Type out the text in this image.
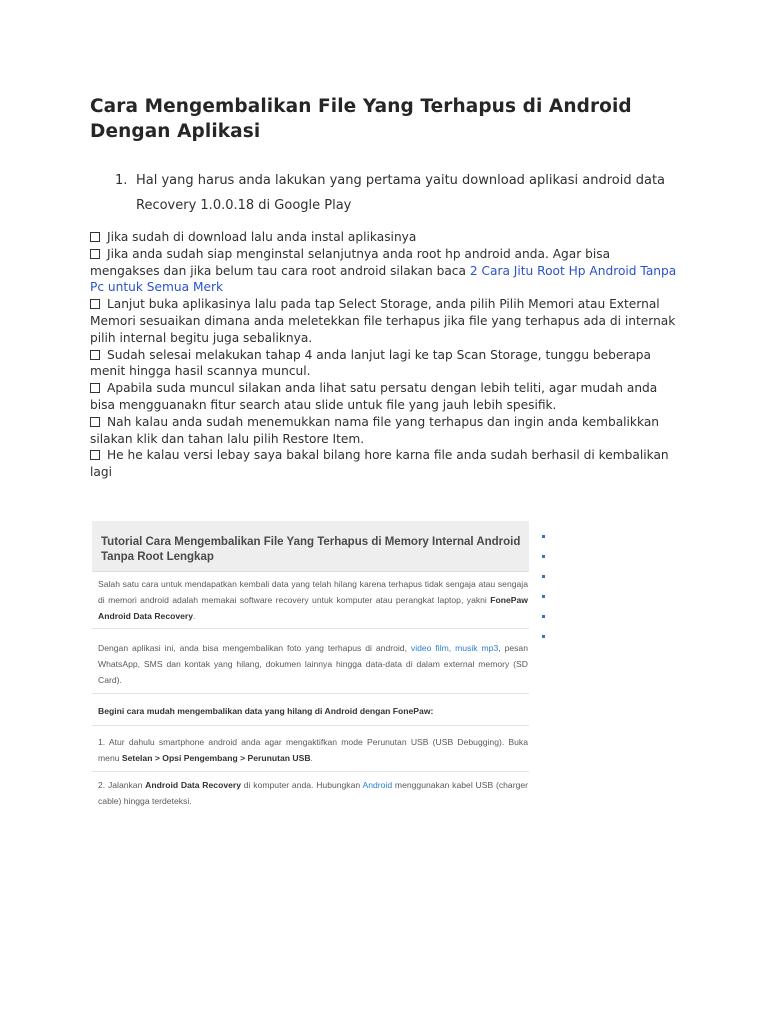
Cara Mengembalikan File Yang Terhapus di Android Dengan Aplikasi
1. Hal yang harus anda lakukan yang pertama yaitu download aplikasi android data Recovery 1.0.0.18 di Google Play
Jika sudah di download lalu anda instal aplikasinya
Jika anda sudah siap menginstal selanjutnya anda root hp android anda. Agar bisa mengakses dan jika belum tau cara root android silakan baca 2 Cara Jitu Root Hp Android Tanpa Pc untuk Semua Merk
Lanjut buka aplikasinya lalu pada tap Select Storage, anda pilih Pilih Memori atau External Memori sesuaikan dimana anda meletekkan file terhapus jika file yang terhapus ada di internak pilih internal begitu juga sebaliknya.
Sudah selesai melakukan tahap 4 anda lanjut lagi ke tap Scan Storage, tunggu beberapa menit hingga hasil scannya muncul.
Apabila suda muncul silakan anda lihat satu persatu dengan lebih teliti, agar mudah anda bisa mengguanakn fitur search atau slide untuk file yang jauh lebih spesifik.
Nah kalau anda sudah menemukkan nama file yang terhapus dan ingin anda kembalikkan silakan klik dan tahan lalu pilih Restore Item.
He he kalau versi lebay saya bakal bilang hore karna file anda sudah berhasil di kembalikan lagi
Tutorial Cara Mengembalikan File Yang Terhapus di Memory Internal Android Tanpa Root Lengkap
Salah satu cara untuk mendapatkan kembali data yang telah hilang karena terhapus tidak sengaja atau sengaja di memori android adalah memakai software recovery untuk komputer atau perangkat laptop, yakni FonePaw Android Data Recovery.
Dengan aplikasi ini, anda bisa mengembalikan foto yang terhapus di android, video film, musik mp3, pesan WhatsApp, SMS dan kontak yang hilang, dokumen lainnya hingga data-data di dalam external memory (SD Card).
Begini cara mudah mengembalikan data yang hilang di Android dengan FonePaw:
1. Atur dahulu smartphone android anda agar mengaktifkan mode Perunutan USB (USB Debugging). Buka menu Setelan > Opsi Pengembang > Perunutan USB.
2. Jalankan Android Data Recovery di komputer anda. Hubungkan Android menggunakan kabel USB (charger cable) hingga terdeteksi.
